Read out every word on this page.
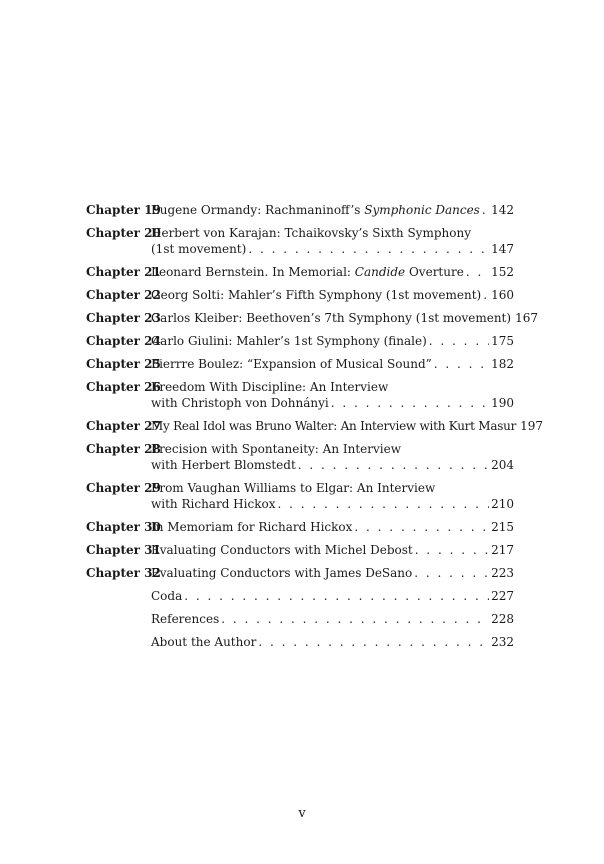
Chapter 19
Eugene Ormandy: Rachmaninoff’s Symphonic Dances . . . 142
Chapter 20
Herbert von Karajan: Tchaikovsky’s Sixth Symphony
(1st movement) . . .	147
Chapter 21
Leonard Bernstein. In Memorial: Candide Overture . . . 152
Chapter 22
Georg Solti: Mahler’s Fifth Symphony (1st movement) . . . 160
Chapter 23
Carlos Kleiber: Beethoven’s 7th Symphony (1st movement) 167
Chapter 24
Carlo Giulini: Mahler’s 1st Symphony (finale) . . .	175
Chapter 25
Pierrre Boulez: “Expansion of Musical Sound” . . .	182
Chapter 26
Freedom With Discipline: An Interview
with Christoph von Dohnányi . . .	190
Chapter 27
My Real Idol was Bruno Walter: An Interview with Kurt Masur 197
Chapter 28
Precision with Spontaneity: An Interview
with Herbert Blomstedt . . .	204
Chapter 29
From Vaughan Williams to Elgar: An Interview
with Richard Hickox . . .	210
Chapter 30
In Memoriam for Richard Hickox . . .	215
Chapter 31
Evaluating Conductors with Michel Debost . . .	217
Chapter 32
Evaluating Conductors with James DeSano . . .	223
Coda . . .	227
References . . .	228
About the Author . . .	232
v
